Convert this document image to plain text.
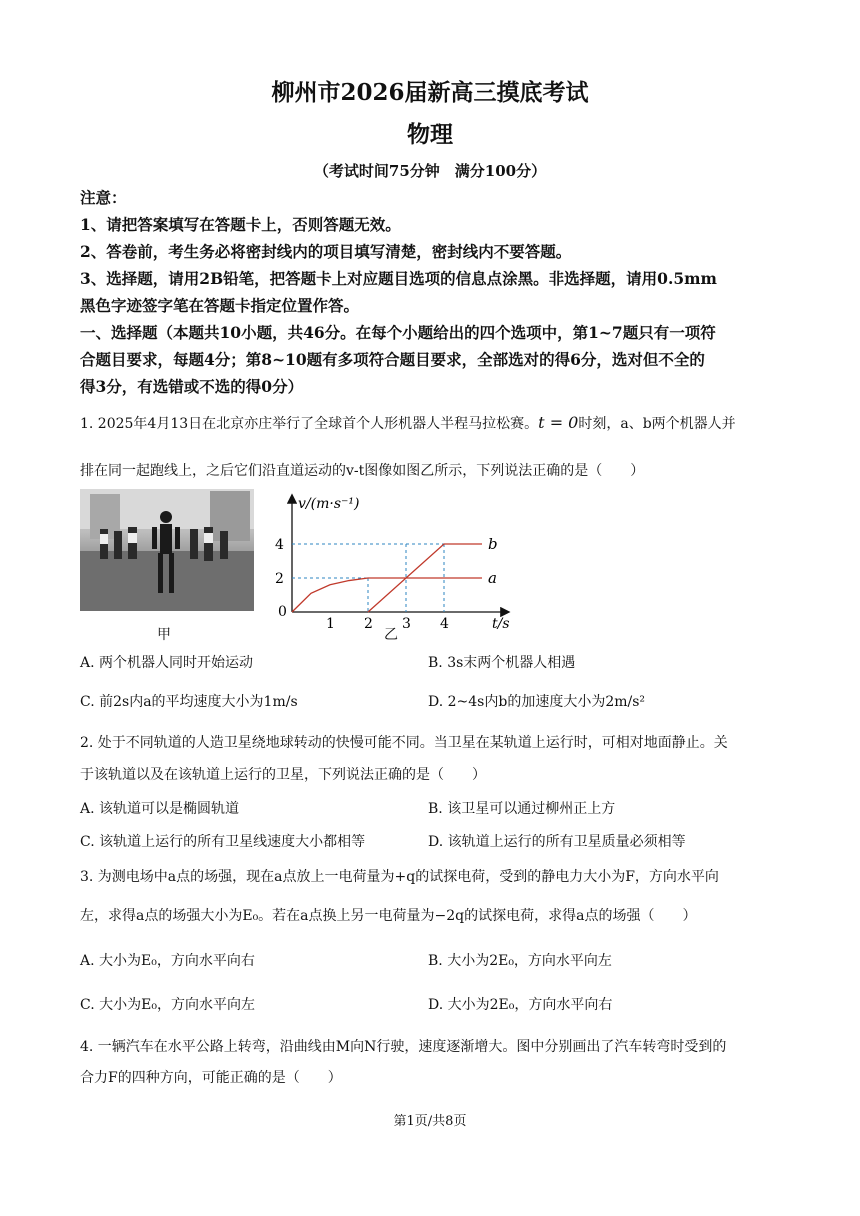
柳州市2026届新高三摸底考试
物理
（考试时间75分钟　满分100分）
注意：
1、请把答案填写在答题卡上，否则答题无效。
2、答卷前，考生务必将密封线内的项目填写清楚，密封线内不要答题。
3、选择题，请用2B铅笔，把答题卡上对应题目选项的信息点涂黑。非选择题，请用0.5mm
黑色字迹签字笔在答题卡指定位置作答。
一、选择题（本题共10小题，共46分。在每个小题给出的四个选项中，第1~7题只有一项符
合题目要求，每题4分；第8~10题有多项符合题目要求，全部选对的得6分，选对但不全的
得3分，有选错或不选的得0分）
1. 2025年4月13日在北京亦庄举行了全球首个人形机器人半程马拉松赛。t = 0时刻，a、b两个机器人并
排在同一起跑线上，之后它们沿直道运动的v-t图像如图乙所示，下列说法正确的是（　　）
甲	乙
1 2 3 4
2
4
v/(m·s⁻¹)
t/s
0
a
b
A. 两个机器人同时开始运动	B. 3s末两个机器人相遇
C. 前2s内a的平均速度大小为1m/s	D. 2~4s内b的加速度大小为2m/s²
2. 处于不同轨道的人造卫星绕地球转动的快慢可能不同。当卫星在某轨道上运行时，可相对地面静止。关
于该轨道以及在该轨道上运行的卫星，下列说法正确的是（　　）
A. 该轨道可以是椭圆轨道	B. 该卫星可以通过柳州正上方
C. 该轨道上运行的所有卫星线速度大小都相等	D. 该轨道上运行的所有卫星质量必须相等
3. 为测电场中a点的场强，现在a点放上一电荷量为+q的试探电荷，受到的静电力大小为F，方向水平向
左，求得a点的场强大小为E₀。若在a点换上另一电荷量为−2q的试探电荷，求得a点的场强（　　）
A. 大小为E₀，方向水平向右	B. 大小为2E₀，方向水平向左
C. 大小为E₀，方向水平向左	D. 大小为2E₀，方向水平向右
4. 一辆汽车在水平公路上转弯，沿曲线由M向N行驶，速度逐渐增大。图中分别画出了汽车转弯时受到的
合力F的四种方向，可能正确的是（　　）
第1页/共8页
